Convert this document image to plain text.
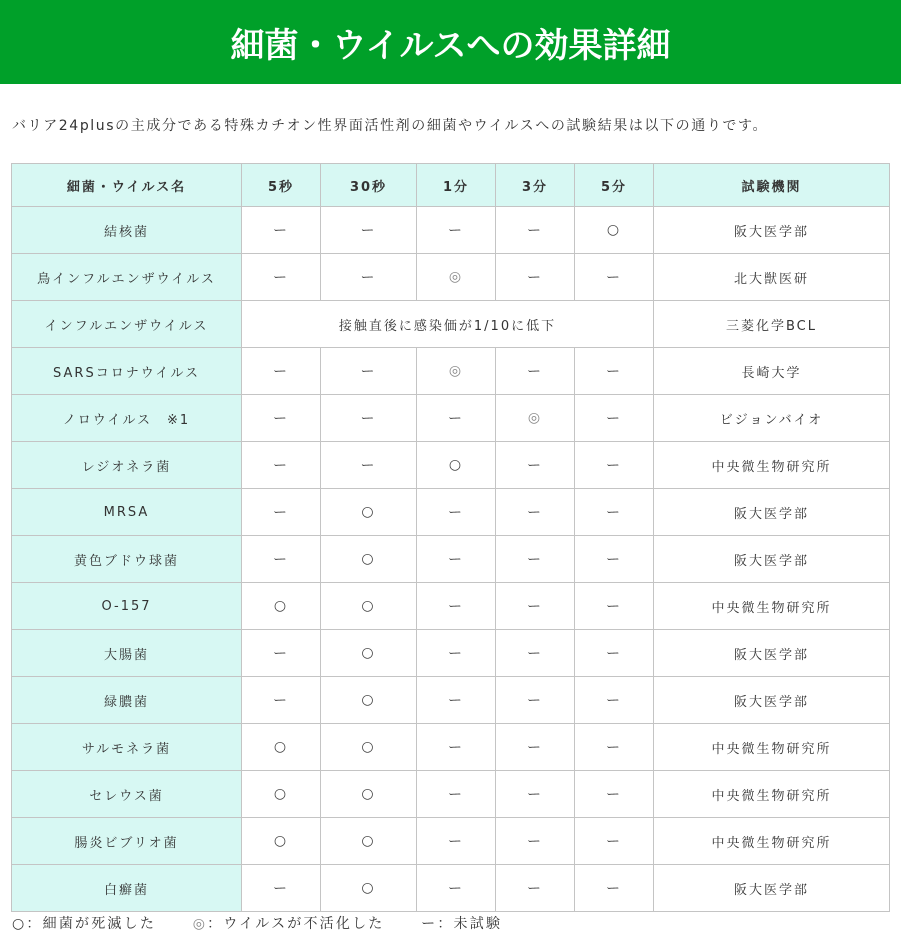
細菌・ウイルスへの効果詳細

バリア24plusの主成分である特殊カチオン性界面活性剤の細菌やウイルスへの試験結果は以下の通りです。

細菌・ウイルス名	5秒	30秒	1分	3分	5分	試験機関
結核菌	ー	ー	ー	ー	○	阪大医学部
鳥インフルエンザウイルス	ー	ー	◎	ー	ー	北大獣医研
インフルエンザウイルス	接触直後に感染価が1/10に低下					三菱化学BCL
SARSコロナウイルス	ー	ー	◎	ー	ー	長崎大学
ノロウイルス　※1	ー	ー	ー	◎	ー	ビジョンバイオ
レジオネラ菌	ー	ー	○	ー	ー	中央微生物研究所
MRSA	ー	○	ー	ー	ー	阪大医学部
黄色ブドウ球菌	ー	○	ー	ー	ー	阪大医学部
O-157	○	○	ー	ー	ー	中央微生物研究所
大腸菌	ー	○	ー	ー	ー	阪大医学部
緑膿菌	ー	○	ー	ー	ー	阪大医学部
サルモネラ菌	○	○	ー	ー	ー	中央微生物研究所
セレウス菌	○	○	ー	ー	ー	中央微生物研究所
腸炎ビブリオ菌	○	○	ー	ー	ー	中央微生物研究所
白癬菌	ー	○	ー	ー	ー	阪大医学部

○：細菌が死滅した	◎：ウイルスが不活化した	ー：未試験
